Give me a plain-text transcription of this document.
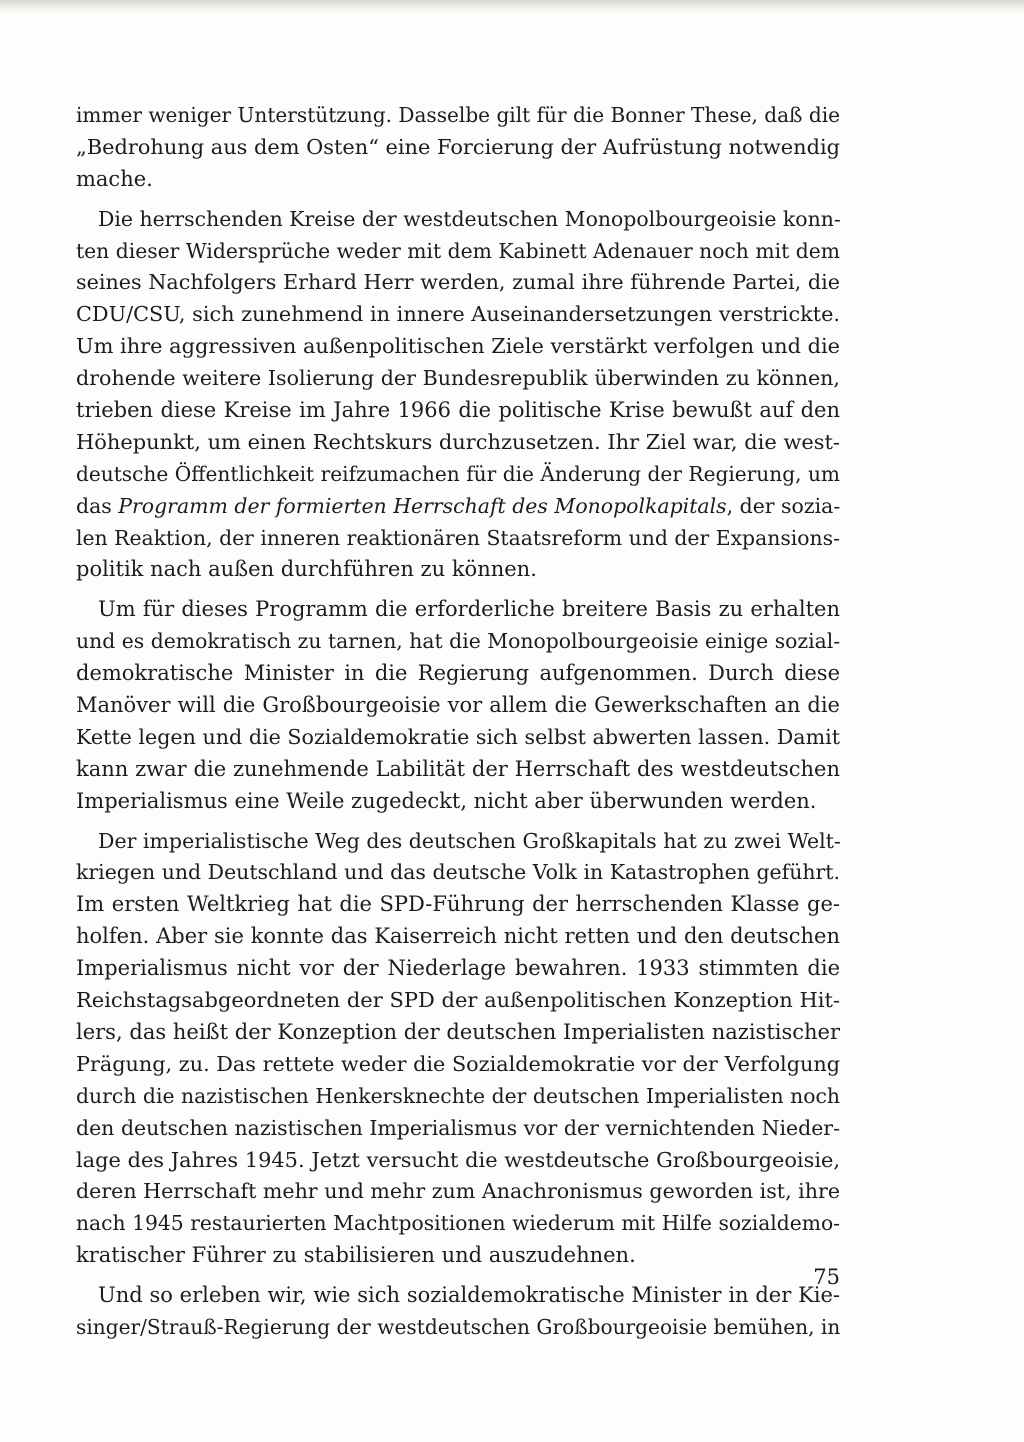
immer weniger Unterstützung. Dasselbe gilt für die Bonner These, daß die
„Bedrohung aus dem Osten“ eine Forcierung der Aufrüstung notwendig
mache.
Die herrschenden Kreise der westdeutschen Monopolbourgeoisie konn-
ten dieser Widersprüche weder mit dem Kabinett Adenauer noch mit dem
seines Nachfolgers Erhard Herr werden, zumal ihre führende Partei, die
CDU/CSU, sich zunehmend in innere Auseinandersetzungen verstrickte.
Um ihre aggressiven außenpolitischen Ziele verstärkt verfolgen und die
drohende weitere Isolierung der Bundesrepublik überwinden zu können,
trieben diese Kreise im Jahre 1966 die politische Krise bewußt auf den
Höhepunkt, um einen Rechtskurs durchzusetzen. Ihr Ziel war, die west-
deutsche Öffentlichkeit reifzumachen für die Änderung der Regierung, um
das Programm der formierten Herrschaft des Monopolkapitals, der sozia-
len Reaktion, der inneren reaktionären Staatsreform und der Expansions-
politik nach außen durchführen zu können.
Um für dieses Programm die erforderliche breitere Basis zu erhalten
und es demokratisch zu tarnen, hat die Monopolbourgeoisie einige sozial-
demokratische Minister in die Regierung aufgenommen. Durch diese
Manöver will die Großbourgeoisie vor allem die Gewerkschaften an die
Kette legen und die Sozialdemokratie sich selbst abwerten lassen. Damit
kann zwar die zunehmende Labilität der Herrschaft des westdeutschen
Imperialismus eine Weile zugedeckt, nicht aber überwunden werden.
Der imperialistische Weg des deutschen Großkapitals hat zu zwei Welt-
kriegen und Deutschland und das deutsche Volk in Katastrophen geführt.
Im ersten Weltkrieg hat die SPD-Führung der herrschenden Klasse ge-
holfen. Aber sie konnte das Kaiserreich nicht retten und den deutschen
Imperialismus nicht vor der Niederlage bewahren. 1933 stimmten die
Reichstagsabgeordneten der SPD der außenpolitischen Konzeption Hit-
lers, das heißt der Konzeption der deutschen Imperialisten nazistischer
Prägung, zu. Das rettete weder die Sozialdemokratie vor der Verfolgung
durch die nazistischen Henkersknechte der deutschen Imperialisten noch
den deutschen nazistischen Imperialismus vor der vernichtenden Nieder-
lage des Jahres 1945. Jetzt versucht die westdeutsche Großbourgeoisie,
deren Herrschaft mehr und mehr zum Anachronismus geworden ist, ihre
nach 1945 restaurierten Machtpositionen wiederum mit Hilfe sozialdemo-
kratischer Führer zu stabilisieren und auszudehnen.
Und so erleben wir, wie sich sozialdemokratische Minister in der Kie-
singer/Strauß-Regierung der westdeutschen Großbourgeoisie bemühen, in
75
